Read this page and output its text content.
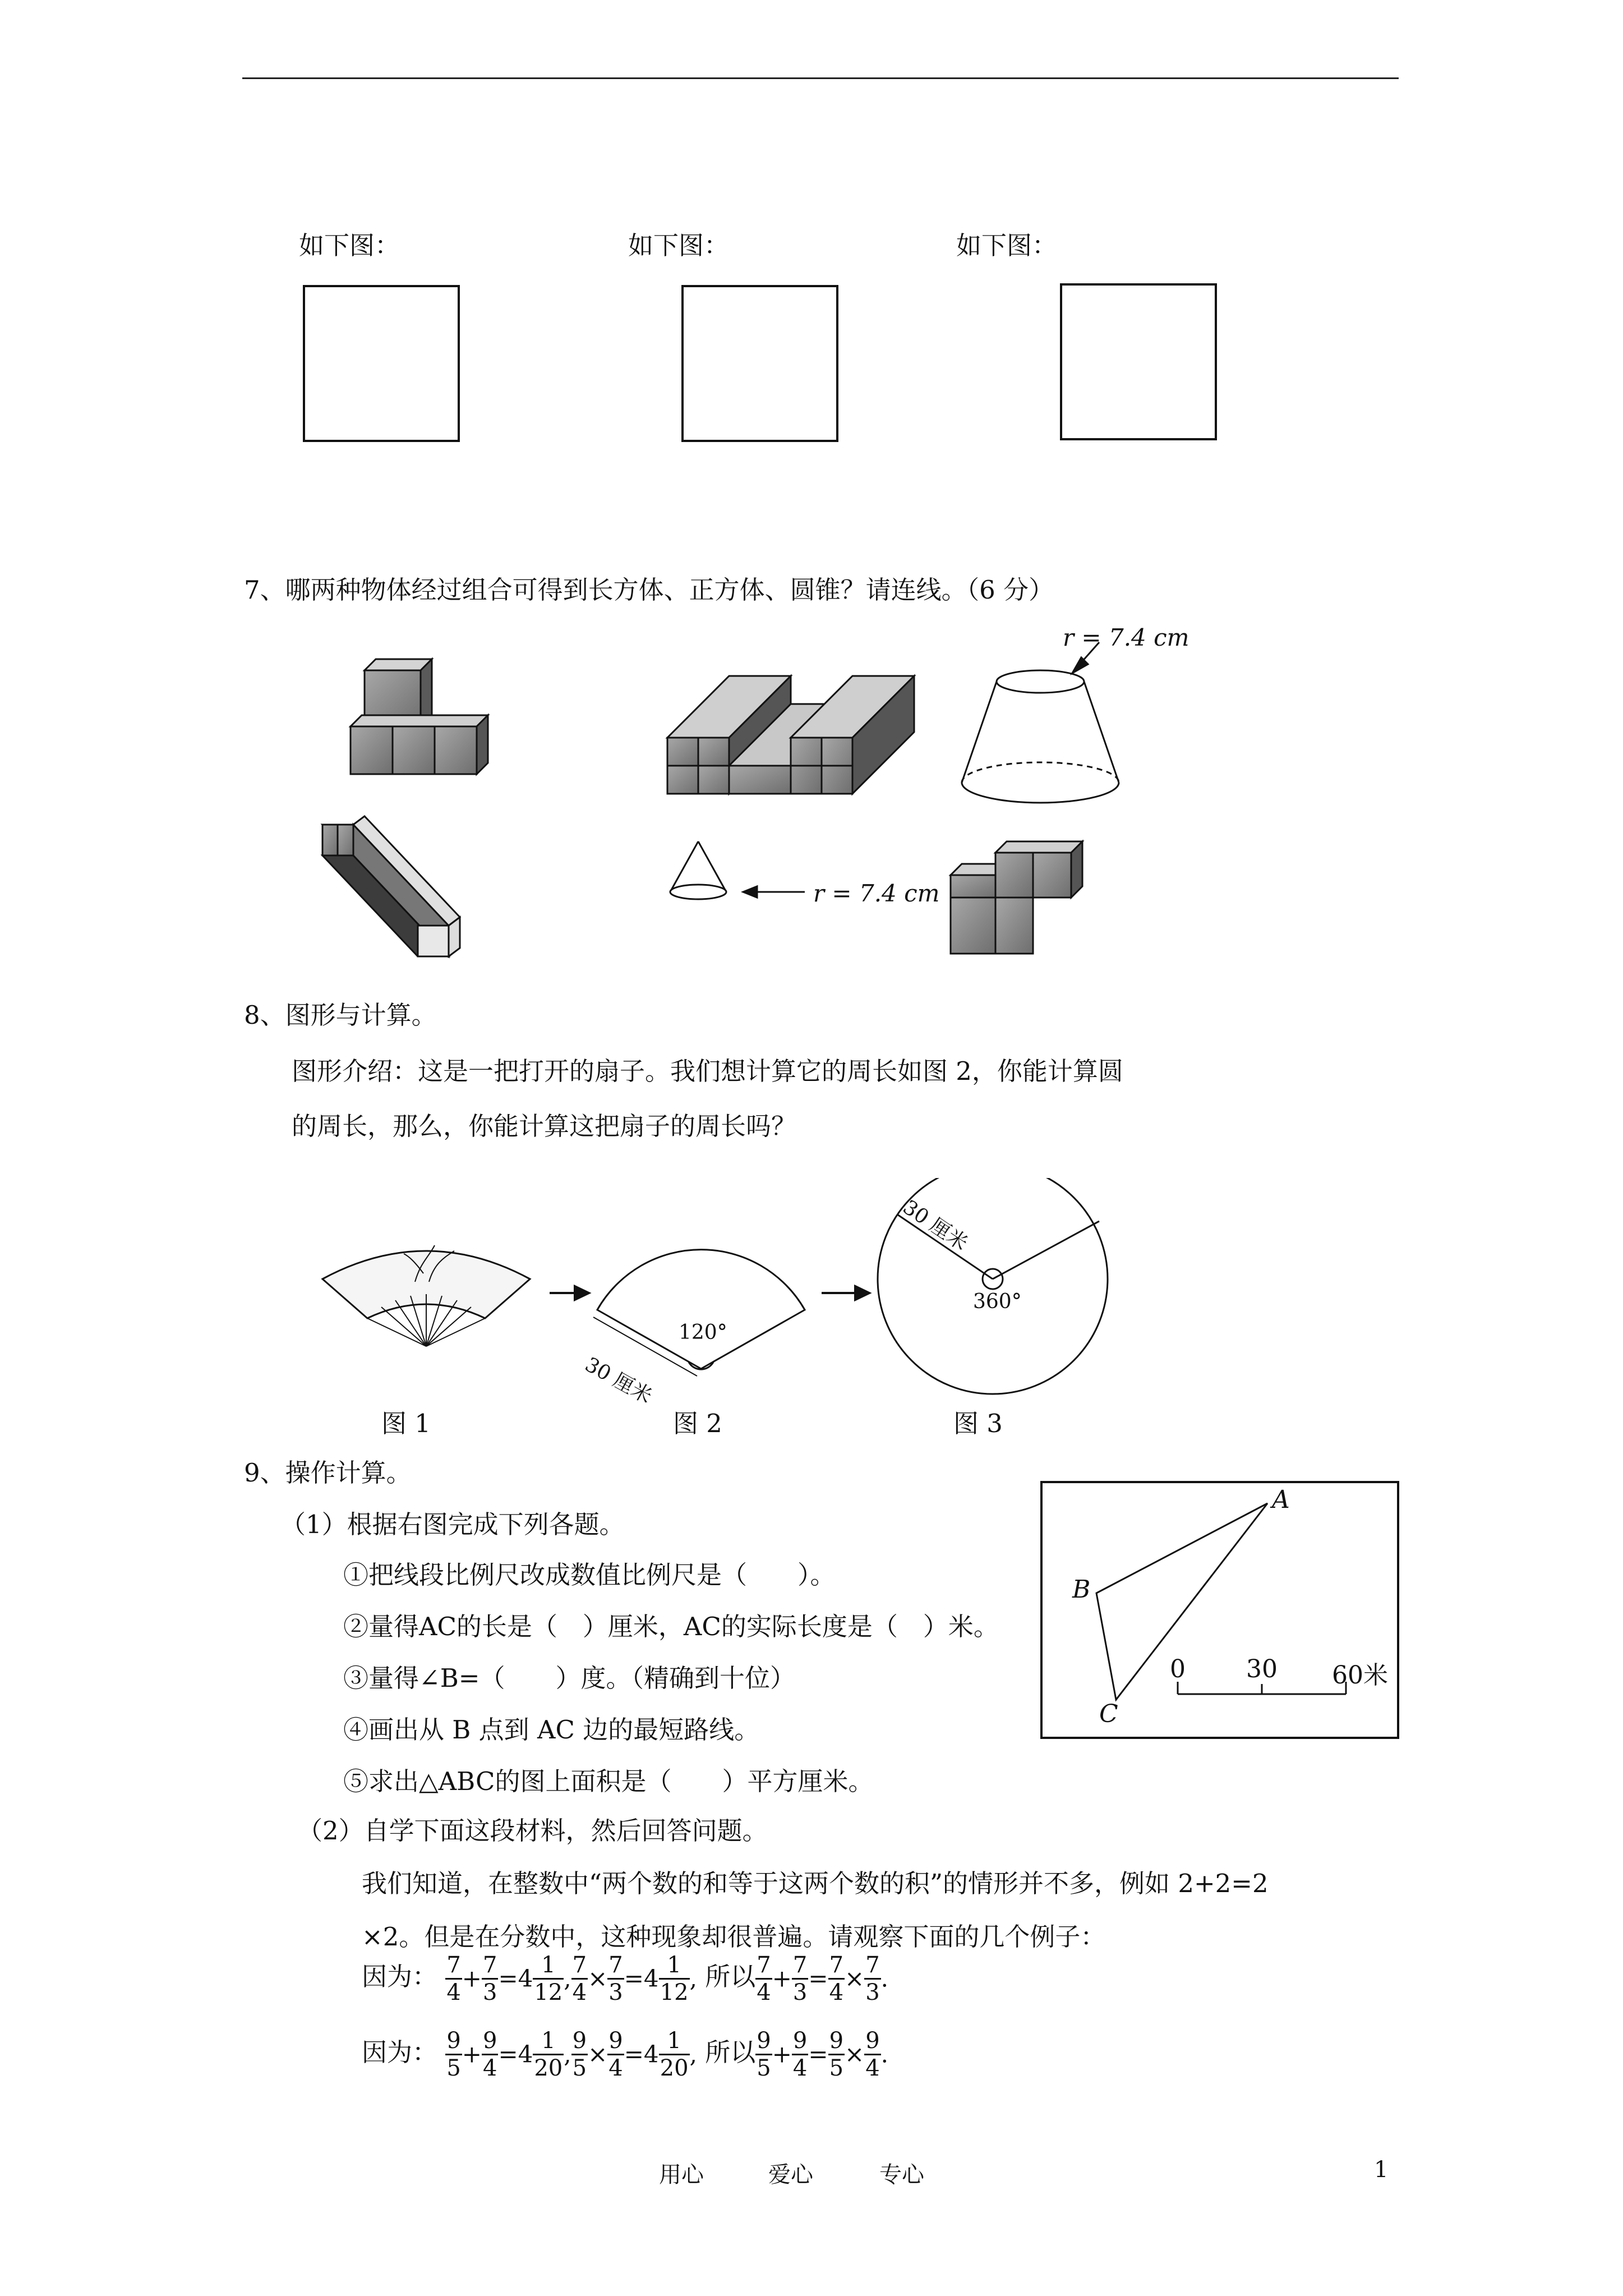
如下图：	如下图：	如下图：
7、哪两种物体经过组合可得到长方体、正方体、圆锥？请连线。（6 分）
r = 7.4 cm
r = 7.4 cm
8、图形与计算。
图形介绍：这是一把打开的扇子。我们想计算它的周长如图 2，你能计算圆
的周长，那么，你能计算这把扇子的周长吗？
120°
30 厘米
30 厘米
360°
图 1	图 2	图 3
9、操作计算。
（1）根据右图完成下列各题。
①把线段比例尺改成数值比例尺是（　　）。
②量得AC的长是（　）厘米，AC的实际长度是（　）米。
③量得∠B=（　　）度。（精确到十位）
④画出从 B 点到 AC 边的最短路线。
⑤求出△ABC的图上面积是（　　）平方厘米。
A
B
C
0 30 60米
（2）自学下面这段材料，然后回答问题。
我们知道，在整数中“两个数的和等于这两个数的积”的情形并不多，例如 2+2=2
×2。但是在分数中，这种现象却很普遍。请观察下面的几个例子：
因为： $\frac{7}{4} + \frac{7}{3} =4 \frac{1}{12}$ , $\frac{7}{4} \times \frac{7}{3} =4 \frac{1}{12}$ , 所以 $\frac{7}{4} + \frac{7}{3} = \frac{7}{4} \times \frac{7}{3}$ .
因为： $\frac{9}{5} + \frac{9}{4} =4 \frac{1}{20}$ , $\frac{9}{5} \times \frac{9}{4} =4 \frac{1}{20}$ , 所以 $\frac{9}{5} + \frac{9}{4} = \frac{9}{5} \times \frac{9}{4}$ .
用心	爱心	专心	1
